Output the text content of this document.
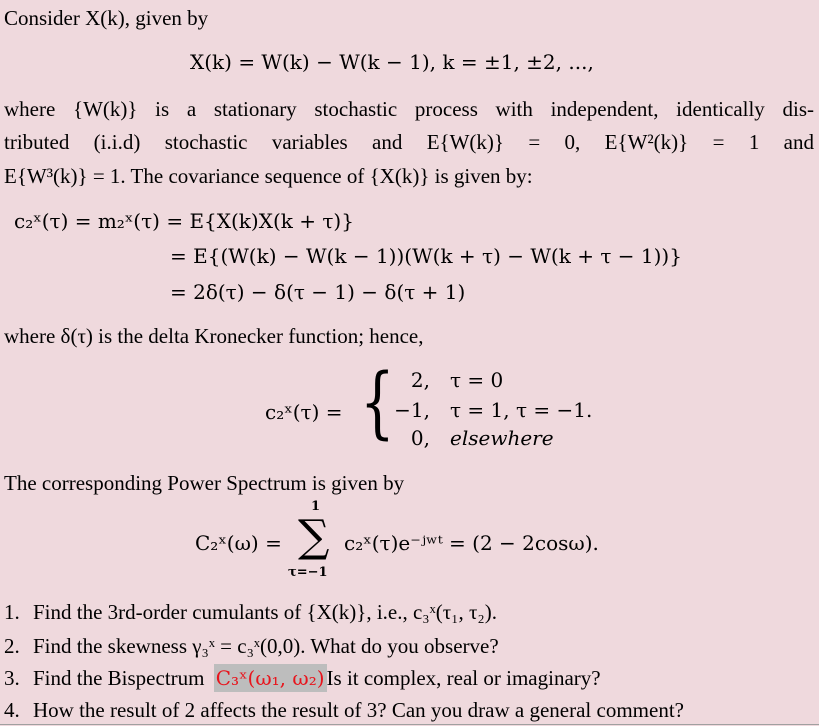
Consider X(k), given by
X(k) = W(k) − W(k − 1), k = ±1, ±2, ...,
where {W(k)} is a stationary stochastic process with independent, identically dis-
tributed (i.i.d) stochastic variables and E{W(k)} = 0, E{W²(k)} = 1 and
E{W³(k)} = 1. The covariance sequence of {X(k)} is given by:
c₂ˣ(τ) = m₂ˣ(τ) = E{X(k)X(k + τ)}
= E{(W(k) − W(k − 1))(W(k + τ) − W(k + τ − 1))}
= 2δ(τ) − δ(τ − 1) − δ(τ + 1)
where δ(τ) is the delta Kronecker function; hence,
c₂ˣ(τ) = { 2, τ = 0
−1, τ = 1, τ = −1.
0, elsewhere
The corresponding Power Spectrum is given by
1
C₂ˣ(ω) = ∑
τ=−1
c₂ˣ(τ)e⁻ʲʷᵗ = (2 − 2cosω).
1. Find the 3rd-order cumulants of {X(k)}, i.e., c₃ˣ(τ₁, τ₂).
2. Find the skewness γ₃ˣ = c₃ˣ(0,0). What do you observe?
3. Find the Bispectrum C₃ˣ(ω₁, ω₂)Is it complex, real or imaginary?
4. How the result of 2 affects the result of 3? Can you draw a general comment?
